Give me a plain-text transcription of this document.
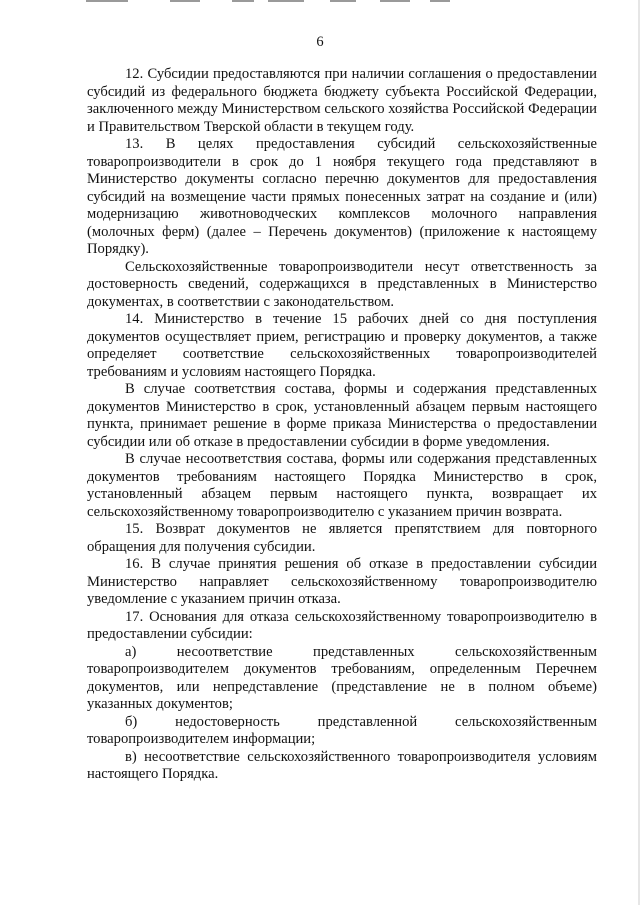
6

12. Субсидии предоставляются при наличии соглашения о предоставлении субсидий из федерального бюджета бюджету субъекта Российской Федерации, заключенного между Министерством сельского хозяйства Российской Федерации и Правительством Тверской области в текущем году.

13. В целях предоставления субсидий сельскохозяйственные товаропроизводители в срок до 1 ноября текущего года представляют в Министерство документы согласно перечню документов для предоставления субсидий на возмещение части прямых понесенных затрат на создание и (или) модернизацию животноводческих комплексов молочного направления (молочных ферм) (далее – Перечень документов) (приложение к настоящему Порядку).

Сельскохозяйственные товаропроизводители несут ответственность за достоверность сведений, содержащихся в представленных в Министерство документах, в соответствии с законодательством.

14. Министерство в течение 15 рабочих дней со дня поступления документов осуществляет прием, регистрацию и проверку документов, а также определяет соответствие сельскохозяйственных товаропроизводителей требованиям и условиям настоящего Порядка.

В случае соответствия состава, формы и содержания представленных документов Министерство в срок, установленный абзацем первым настоящего пункта, принимает решение в форме приказа Министерства о предоставлении субсидии или об отказе в предоставлении субсидии в форме уведомления.

В случае несоответствия состава, формы или содержания представленных документов требованиям настоящего Порядка Министерство в срок, установленный абзацем первым настоящего пункта, возвращает их сельскохозяйственному товаропроизводителю с указанием причин возврата.

15. Возврат документов не является препятствием для повторного обращения для получения субсидии.

16. В случае принятия решения об отказе в предоставлении субсидии Министерство направляет сельскохозяйственному товаропроизводителю уведомление с указанием причин отказа.

17. Основания для отказа сельскохозяйственному товаропроизводителю в предоставлении субсидии:

а) несоответствие представленных сельскохозяйственным товаропроизводителем документов требованиям, определенным Перечнем документов, или непредставление (представление не в полном объеме) указанных документов;

б) недостоверность представленной сельскохозяйственным товаропроизводителем информации;

в) несоответствие сельскохозяйственного товаропроизводителя условиям настоящего Порядка.
